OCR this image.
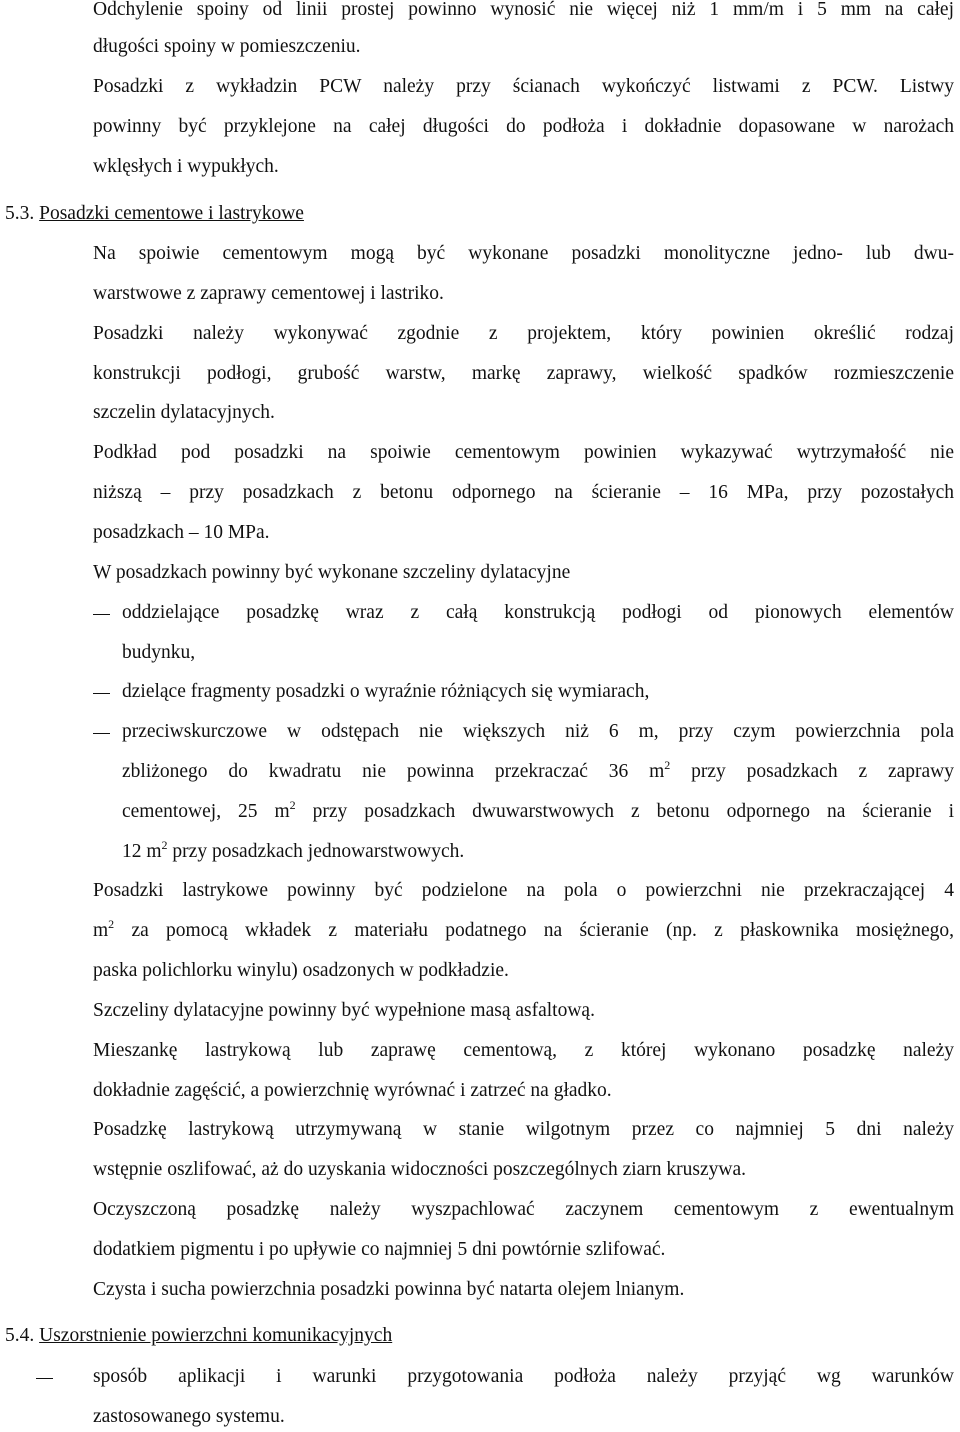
Odchylenie spoiny od linii prostej powinno wynosić nie więcej niż 1 mm/m i 5 mm na całej
długości spoiny w pomieszczeniu.
Posadzki z wykładzin PCW należy przy ścianach wykończyć listwami z PCW. Listwy
powinny być przyklejone na całej długości do podłoża i dokładnie dopasowane w narożach
wklęsłych i wypukłych.
5.3. Posadzki cementowe i lastrykowe
Na spoiwie cementowym mogą być wykonane posadzki monolityczne jedno- lub dwu-
warstwowe z zaprawy cementowej i lastriko.
Posadzki należy wykonywać zgodnie z projektem, który powinien określić rodzaj
konstrukcji podłogi, grubość warstw, markę zaprawy, wielkość spadków rozmieszczenie
szczelin dylatacyjnych.
Podkład pod posadzki na spoiwie cementowym powinien wykazywać wytrzymałość nie
niższą – przy posadzkach z betonu odpornego na ścieranie – 16 MPa, przy pozostałych
posadzkach – 10 MPa.
W posadzkach powinny być wykonane szczeliny dylatacyjne
oddzielające posadzkę wraz z całą konstrukcją podłogi od pionowych elementów
budynku,
dzielące fragmenty posadzki o wyraźnie różniących się wymiarach,
przeciwskurczowe w odstępach nie większych niż 6 m, przy czym powierzchnia pola
zbliżonego do kwadratu nie powinna przekraczać 36 $m^2$ przy posadzkach z zaprawy
cementowej, 25 $m^2$ przy posadzkach dwuwarstwowych z betonu odpornego na ścieranie i
12 $m^2$ przy posadzkach jednowarstwowych.
Posadzki lastrykowe powinny być podzielone na pola o powierzchni nie przekraczającej 4
$m^2$ za pomocą wkładek z materiału podatnego na ścieranie (np. z płaskownika mosiężnego,
paska polichlorku winylu) osadzonych w podkładzie.
Szczeliny dylatacyjne powinny być wypełnione masą asfaltową.
Mieszankę lastrykową lub zaprawę cementową, z której wykonano posadzkę należy
dokładnie zagęścić, a powierzchnię wyrównać i zatrzeć na gładko.
Posadzkę lastrykową utrzymywaną w stanie wilgotnym przez co najmniej 5 dni należy
wstępnie oszlifować, aż do uzyskania widoczności poszczególnych ziarn kruszywa.
Oczyszczoną posadzkę należy wyszpachlować zaczynem cementowym z ewentualnym
dodatkiem pigmentu i po upływie co najmniej 5 dni powtórnie szlifować.
Czysta i sucha powierzchnia posadzki powinna być natarta olejem lnianym.
5.4. Uszorstnienie powierzchni komunikacyjnych
sposób aplikacji i warunki przygotowania podłoża należy przyjąć wg warunków
zastosowanego systemu.
